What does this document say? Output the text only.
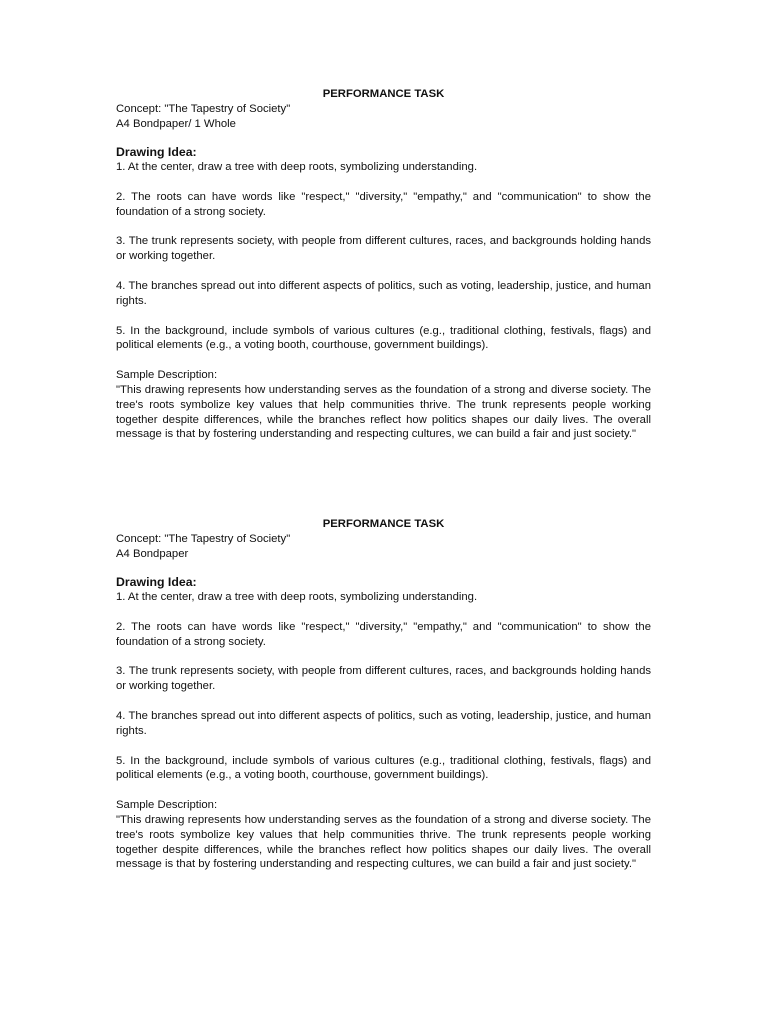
PERFORMANCE TASK

Concept: "The Tapestry of Society"

A4 Bondpaper/ 1 Whole

Drawing Idea:

1. At the center, draw a tree with deep roots, symbolizing understanding.

2. The roots can have words like "respect," "diversity," "empathy," and "communication" to show the foundation of a strong society.

3. The trunk represents society, with people from different cultures, races, and backgrounds holding hands or working together.

4. The branches spread out into different aspects of politics, such as voting, leadership, justice, and human rights.

5. In the background, include symbols of various cultures (e.g., traditional clothing, festivals, flags) and political elements (e.g., a voting booth, courthouse, government buildings).

Sample Description:

"This drawing represents how understanding serves as the foundation of a strong and diverse society. The tree's roots symbolize key values that help communities thrive. The trunk represents people working together despite differences, while the branches reflect how politics shapes our daily lives. The overall message is that by fostering understanding and respecting cultures, we can build a fair and just society."

PERFORMANCE TASK

Concept: "The Tapestry of Society"

A4 Bondpaper

Drawing Idea:

1. At the center, draw a tree with deep roots, symbolizing understanding.

2. The roots can have words like "respect," "diversity," "empathy," and "communication" to show the foundation of a strong society.

3. The trunk represents society, with people from different cultures, races, and backgrounds holding hands or working together.

4. The branches spread out into different aspects of politics, such as voting, leadership, justice, and human rights.

5. In the background, include symbols of various cultures (e.g., traditional clothing, festivals, flags) and political elements (e.g., a voting booth, courthouse, government buildings).

Sample Description:

"This drawing represents how understanding serves as the foundation of a strong and diverse society. The tree's roots symbolize key values that help communities thrive. The trunk represents people working together despite differences, while the branches reflect how politics shapes our daily lives. The overall message is that by fostering understanding and respecting cultures, we can build a fair and just society."
